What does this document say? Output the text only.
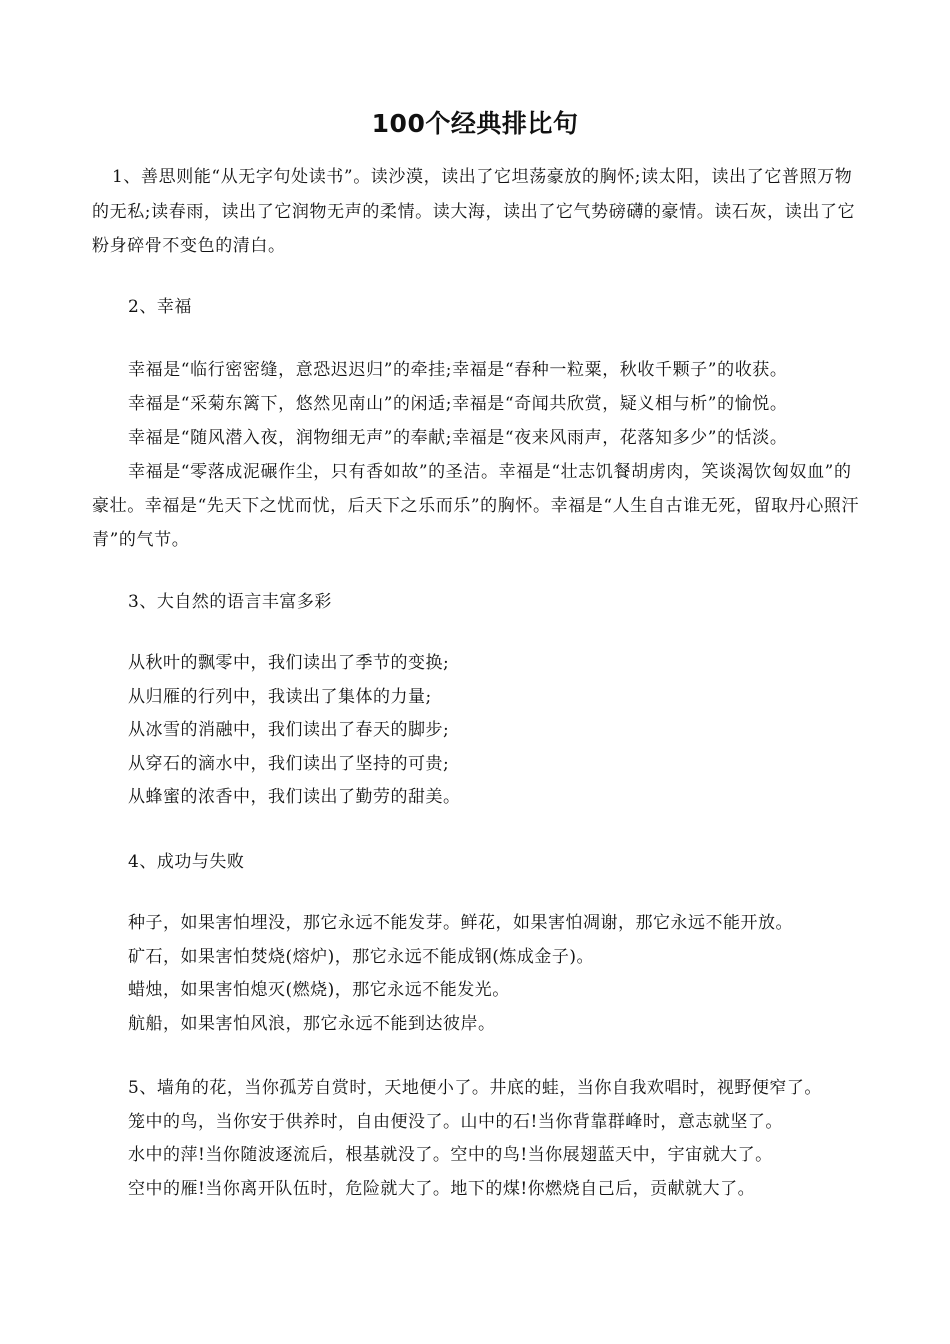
100个经典排比句

1、善思则能“从无字句处读书”。读沙漠，读出了它坦荡豪放的胸怀;读太阳，读出了它普照万物的无私;读春雨，读出了它润物无声的柔情。读大海，读出了它气势磅礴的豪情。读石灰，读出了它粉身碎骨不变色的清白。

2、幸福
幸福是“临行密密缝，意恐迟迟归”的牵挂;幸福是“春种一粒粟，秋收千颗子”的收获。
幸福是“采菊东篱下，悠然见南山”的闲适;幸福是“奇闻共欣赏，疑义相与析”的愉悦。
幸福是“随风潜入夜，润物细无声”的奉献;幸福是“夜来风雨声，花落知多少”的恬淡。
幸福是“零落成泥碾作尘，只有香如故”的圣洁。幸福是“壮志饥餐胡虏肉，笑谈渴饮匈奴血”的豪壮。幸福是“先天下之忧而忧，后天下之乐而乐”的胸怀。幸福是“人生自古谁无死，留取丹心照汗青”的气节。
3、大自然的语言丰富多彩
从秋叶的飘零中，我们读出了季节的变换;
从归雁的行列中，我读出了集体的力量;
从冰雪的消融中，我们读出了春天的脚步;
从穿石的滴水中，我们读出了坚持的可贵;
从蜂蜜的浓香中，我们读出了勤劳的甜美。
4、成功与失败
种子，如果害怕埋没，那它永远不能发芽。鲜花，如果害怕凋谢，那它永远不能开放。
矿石，如果害怕焚烧(熔炉)，那它永远不能成钢(炼成金子)。
蜡烛，如果害怕熄灭(燃烧)，那它永远不能发光。
航船，如果害怕风浪，那它永远不能到达彼岸。
5、墙角的花，当你孤芳自赏时，天地便小了。井底的蛙，当你自我欢唱时，视野便窄了。
笼中的鸟，当你安于供养时，自由便没了。山中的石!当你背靠群峰时，意志就坚了。
水中的萍!当你随波逐流后，根基就没了。空中的鸟!当你展翅蓝天中，宇宙就大了。
空中的雁!当你离开队伍时，危险就大了。地下的煤!你燃烧自己后，贡献就大了。
